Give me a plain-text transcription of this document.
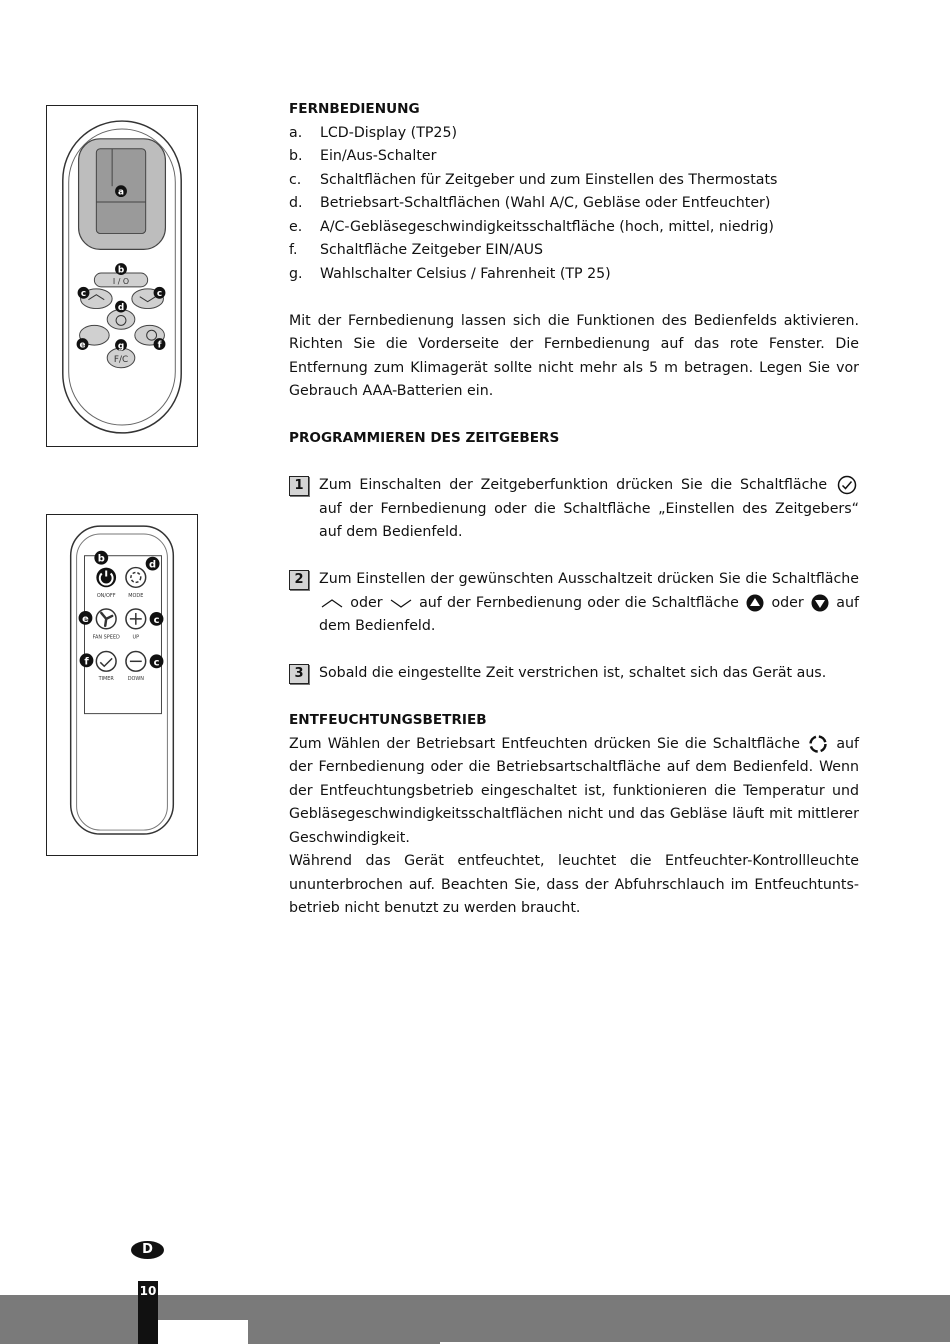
a
I / O
b
c	c
d
e	f
F/C
g
ON/OFF	MODE
FAN SPEED	UP
TIMER	DOWN
b
d
e	c
f	c

FERNBEDIENUNG

a.	LCD-Display (TP25)
b.	Ein/Aus-Schalter
c.	Schaltflächen für Zeitgeber und zum Einstellen des Thermostats
d.	Betriebsart-Schaltflächen (Wahl A/C, Gebläse oder Entfeuchter)
e.	A/C-Gebläsegeschwindigkeitsschaltfläche (hoch, mittel, niedrig)
f.	Schaltfläche Zeitgeber EIN/AUS
g.	Wahlschalter Celsius / Fahrenheit (TP 25)

Mit der Fernbedienung lassen sich die Funktionen des Bedienfelds aktivieren. Richten Sie die Vorderseite der Fernbedienung auf das rote Fenster. Die Entfernung zum Klimagerät sollte nicht mehr als 5 m betragen. Legen Sie vor Gebrauch AAA-Batterien ein.

PROGRAMMIEREN DES ZEITGEBERS

1	Zum Einschalten der Zeitgeberfunktion drücken Sie die Schaltfläche
auf der Fernbedienung oder die Schaltfläche „Einstellen des Zeitgebers“ auf dem Bedienfeld.

2	Zum Einstellen der gewünschten Ausschaltzeit drücken Sie die Schaltfläche
oder	auf der Fernbedienung oder die Schaltfläche oder auf dem Bedienfeld.

3	Sobald die eingestellte Zeit verstrichen ist, schaltet sich das Gerät aus.

ENTFEUCHTUNGSBETRIEB

Zum Wählen der Betriebsart Entfeuchten drücken Sie die Schaltfläche	auf der Fernbedienung oder die Betriebsartschaltfläche auf dem Bedienfeld. Wenn der Entfeuchtungsbetrieb eingeschaltet ist, funktionieren die Temperatur und Gebläsegeschwindigkeitsschaltflächen nicht und das Gebläse läuft mit mittlerer Geschwindigkeit.

Während das Gerät entfeuchtet, leuchtet die Entfeuchter-Kontrollleuchte ununterbrochen auf. Beachten Sie, dass der Abfuhrschlauch im Entfeuchtuntsbetrieb nicht benutzt zu werden braucht.

D
10
